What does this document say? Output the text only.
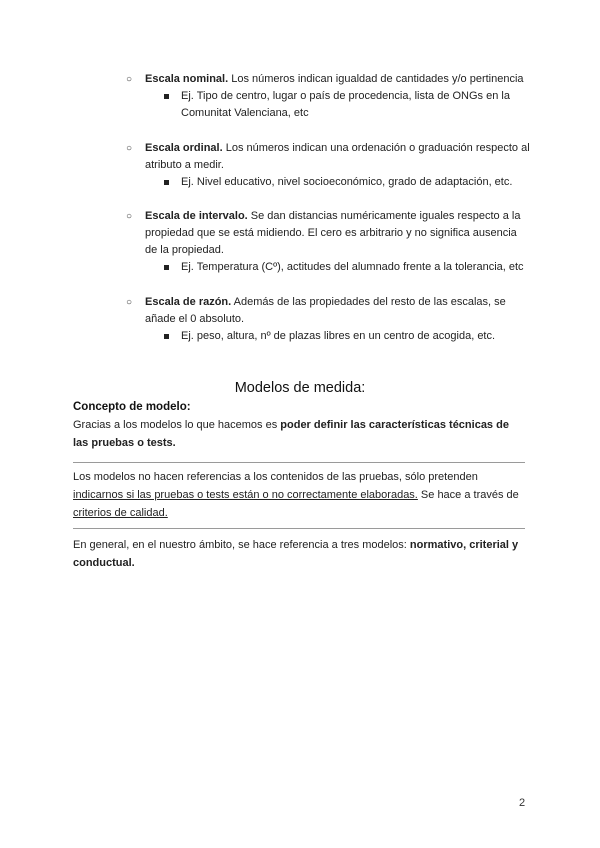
○ Escala nominal. Los números indican igualdad de cantidades y/o pertinencia
Ej. Tipo de centro, lugar o país de procedencia, lista de ONGs en la Comunitat Valenciana, etc
○ Escala ordinal. Los números indican una ordenación o graduación respecto al atributo a medir.
Ej. Nivel educativo, nivel socioeconómico, grado de adaptación, etc.
○ Escala de intervalo. Se dan distancias numéricamente iguales respecto a la propiedad que se está midiendo. El cero es arbitrario y no significa ausencia de la propiedad.
Ej. Temperatura (Cº), actitudes del alumnado frente a la tolerancia, etc
○ Escala de razón. Además de las propiedades del resto de las escalas, se añade el 0 absoluto.
Ej. peso, altura, nº de plazas libres en un centro de acogida, etc.
Modelos de medida:
Concepto de modelo:
Gracias a los modelos lo que hacemos es poder definir las características técnicas de las pruebas o tests.
Los modelos no hacen referencias a los contenidos de las pruebas, sólo pretenden indicarnos si las pruebas o tests están o no correctamente elaboradas. Se hace a través de criterios de calidad.
En general, en el nuestro ámbito, se hace referencia a tres modelos: normativo, criterial y conductual.
2
